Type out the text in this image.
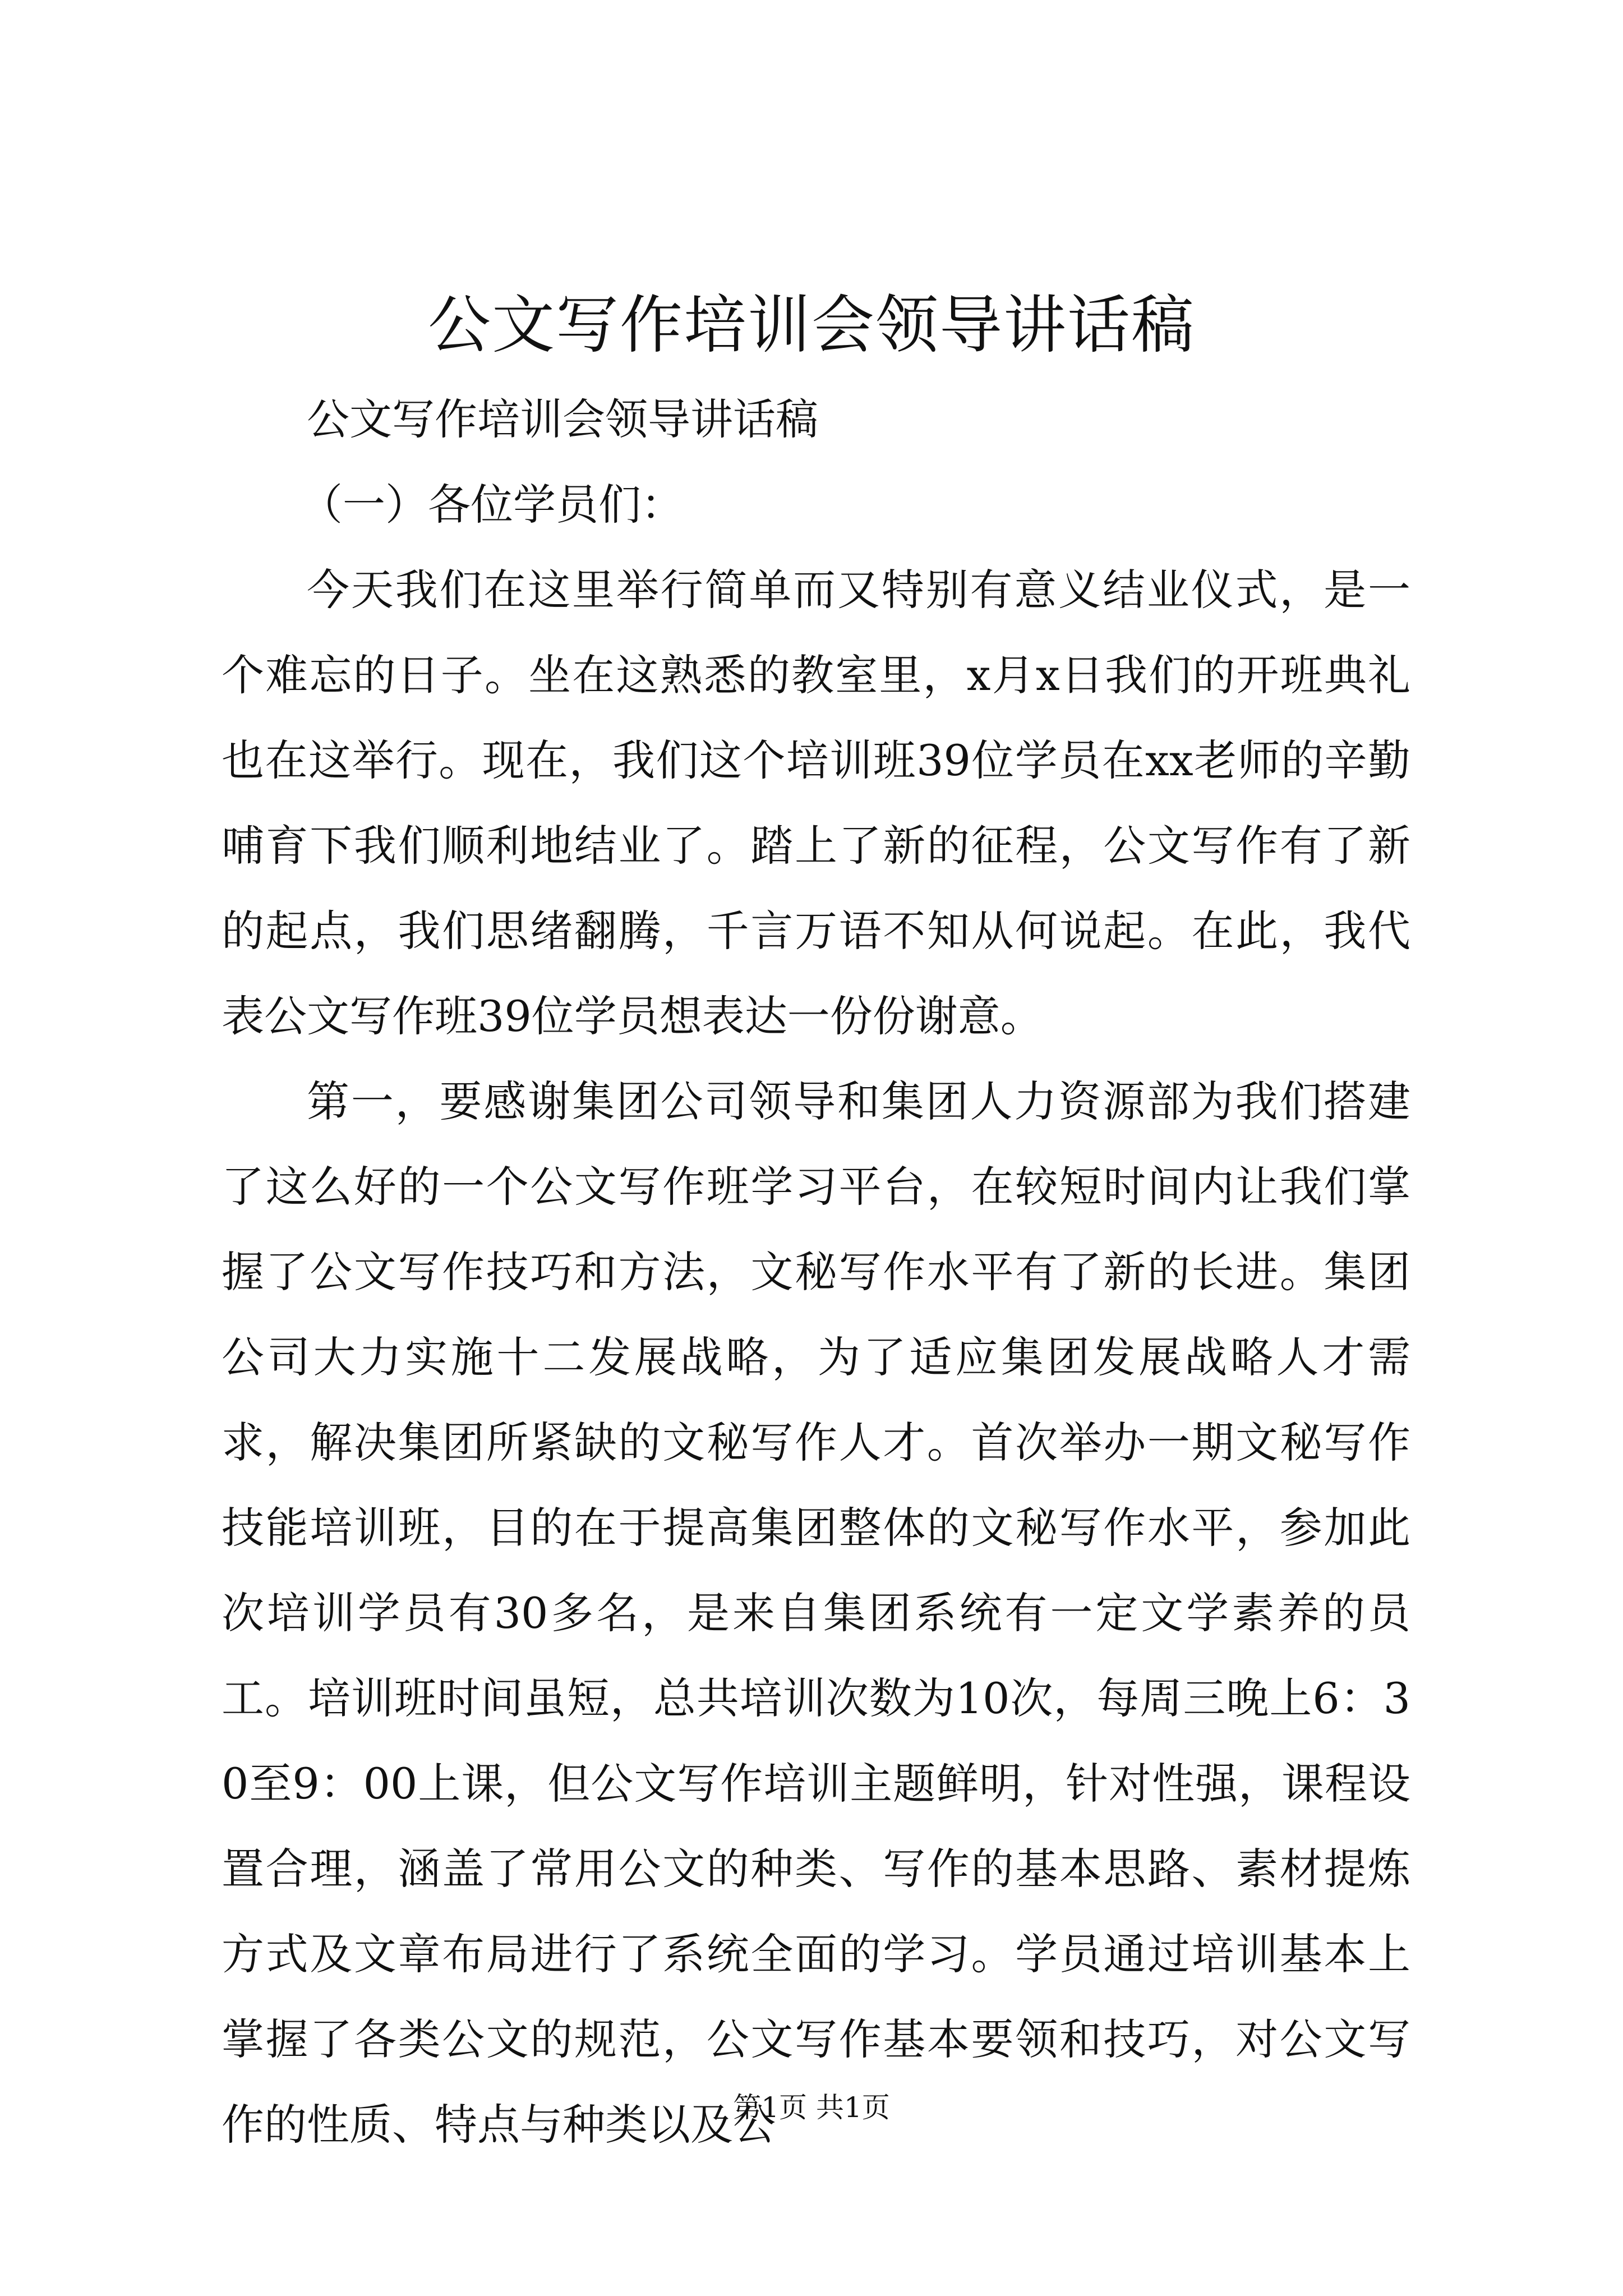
公文写作培训会领导讲话稿

公文写作培训会领导讲话稿

（一）各位学员们：

今天我们在这里举行简单而又特别有意义结业仪式，是一个难忘的日子。坐在这熟悉的教室里，x月x日我们的开班典礼也在这举行。现在，我们这个培训班39位学员在xx老师的辛勤哺育下我们顺利地结业了。踏上了新的征程，公文写作有了新的起点，我们思绪翻腾，千言万语不知从何说起。在此，我代表公文写作班39位学员想表达一份份谢意。

第一，要感谢集团公司领导和集团人力资源部为我们搭建了这么好的一个公文写作班学习平台，在较短时间内让我们掌握了公文写作技巧和方法，文秘写作水平有了新的长进。集团公司大力实施十二发展战略，为了适应集团发展战略人才需求，解决集团所紧缺的文秘写作人才。首次举办一期文秘写作技能培训班，目的在于提高集团整体的文秘写作水平，参加此次培训学员有30多名，是来自集团系统有一定文学素养的员工。培训班时间虽短，总共培训次数为10次，每周三晚上6：30至9：00上课，但公文写作培训主题鲜明，针对性强，课程设置合理，涵盖了常用公文的种类、写作的基本思路、素材提炼方式及文章布局进行了系统全面的学习。学员通过培训基本上掌握了各类公文的规范，公文写作基本要领和技巧，对公文写作的性质、特点与种类以及公

第1页 共1页
